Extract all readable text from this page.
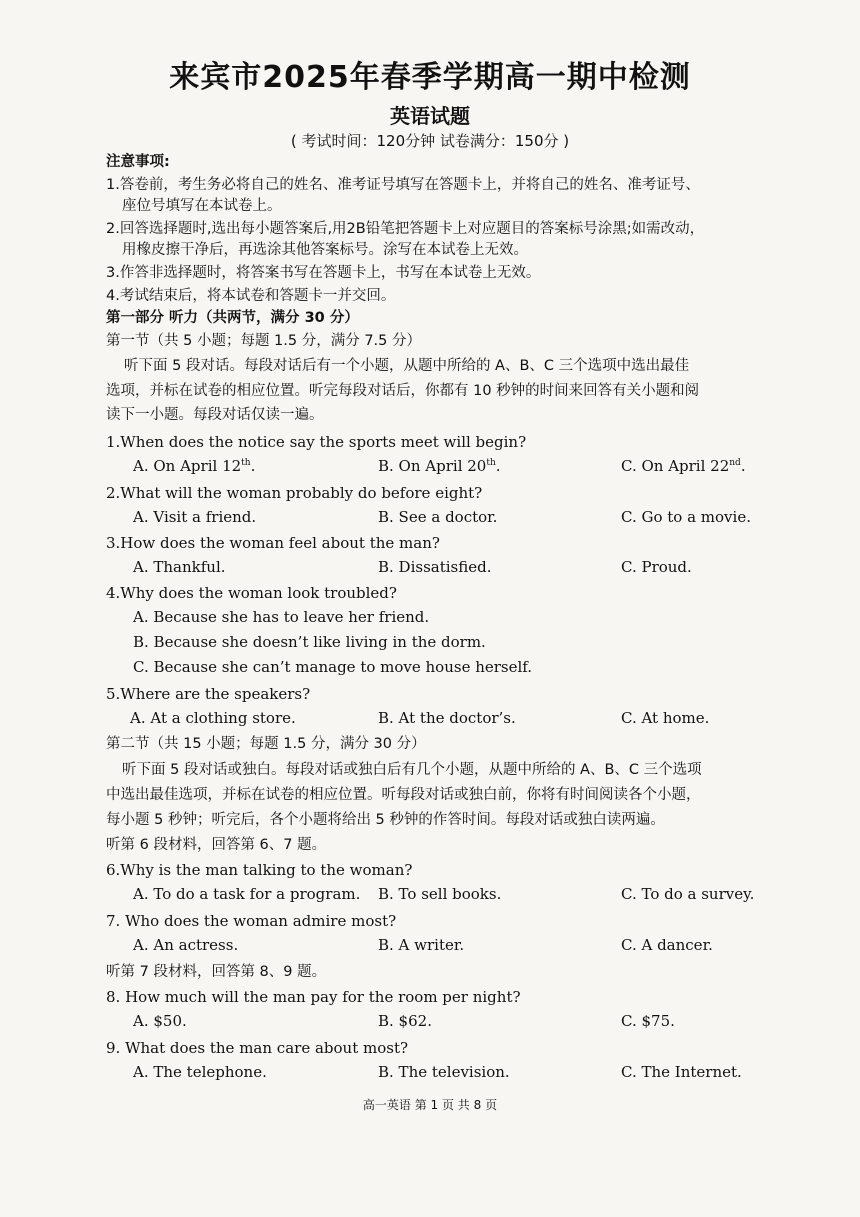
来宾市2025年春季学期高一期中检测
英语试题
( 考试时间：120分钟 试卷满分：150分 )
注意事项:
1.答卷前，考生务必将自己的姓名、准考证号填写在答题卡上，并将自己的姓名、准考证号、
座位号填写在本试卷上。
2.回答选择题时,选出每小题答案后,用2B铅笔把答题卡上对应题目的答案标号涂黑;如需改动，
用橡皮擦干净后，再选涂其他答案标号。涂写在本试卷上无效。
3.作答非选择题时，将答案书写在答题卡上，书写在本试卷上无效。
4.考试结束后，将本试卷和答题卡一并交回。
第一部分 听力（共两节，满分 30 分）
第一节（共 5 小题；每题 1.5 分，满分 7.5 分）
听下面 5 段对话。每段对话后有一个小题，从题中所给的 A、B、C 三个选项中选出最佳
选项，并标在试卷的相应位置。听完每段对话后，你都有 10 秒钟的时间来回答有关小题和阅
读下一小题。每段对话仅读一遍。
1.When does the notice say the sports meet will begin?
A. On April 12th.	B. On April 20th.	C. On April 22nd.
2.What will the woman probably do before eight?
A. Visit a friend.	B. See a doctor.	C. Go to a movie.
3.How does the woman feel about the man?
A. Thankful.	B. Dissatisfied.	C. Proud.
4.Why does the woman look troubled?
A. Because she has to leave her friend.
B. Because she doesn’t like living in the dorm.
C. Because she can’t manage to move house herself.
5.Where are the speakers?
A. At a clothing store.	B. At the doctor’s.	C. At home.
第二节（共 15 小题；每题 1.5 分，满分 30 分）
听下面 5 段对话或独白。每段对话或独白后有几个小题，从题中所给的 A、B、C 三个选项
中选出最佳选项，并标在试卷的相应位置。听每段对话或独白前，你将有时间阅读各个小题，
每小题 5 秒钟；听完后，各个小题将给出 5 秒钟的作答时间。每段对话或独白读两遍。
听第 6 段材料，回答第 6、7 题。
6.Why is the man talking to the woman?
A. To do a task for a program. B. To sell books.	C. To do a survey.
7. Who does the woman admire most?
A. An actress.	B. A writer.	C. A dancer.
听第 7 段材料，回答第 8、9 题。
8. How much will the man pay for the room per night?
A. $50.	B. $62.	C. $75.
9. What does the man care about most?
A. The telephone.	B. The television.	C. The Internet.
高一英语 第 1 页 共 8 页
